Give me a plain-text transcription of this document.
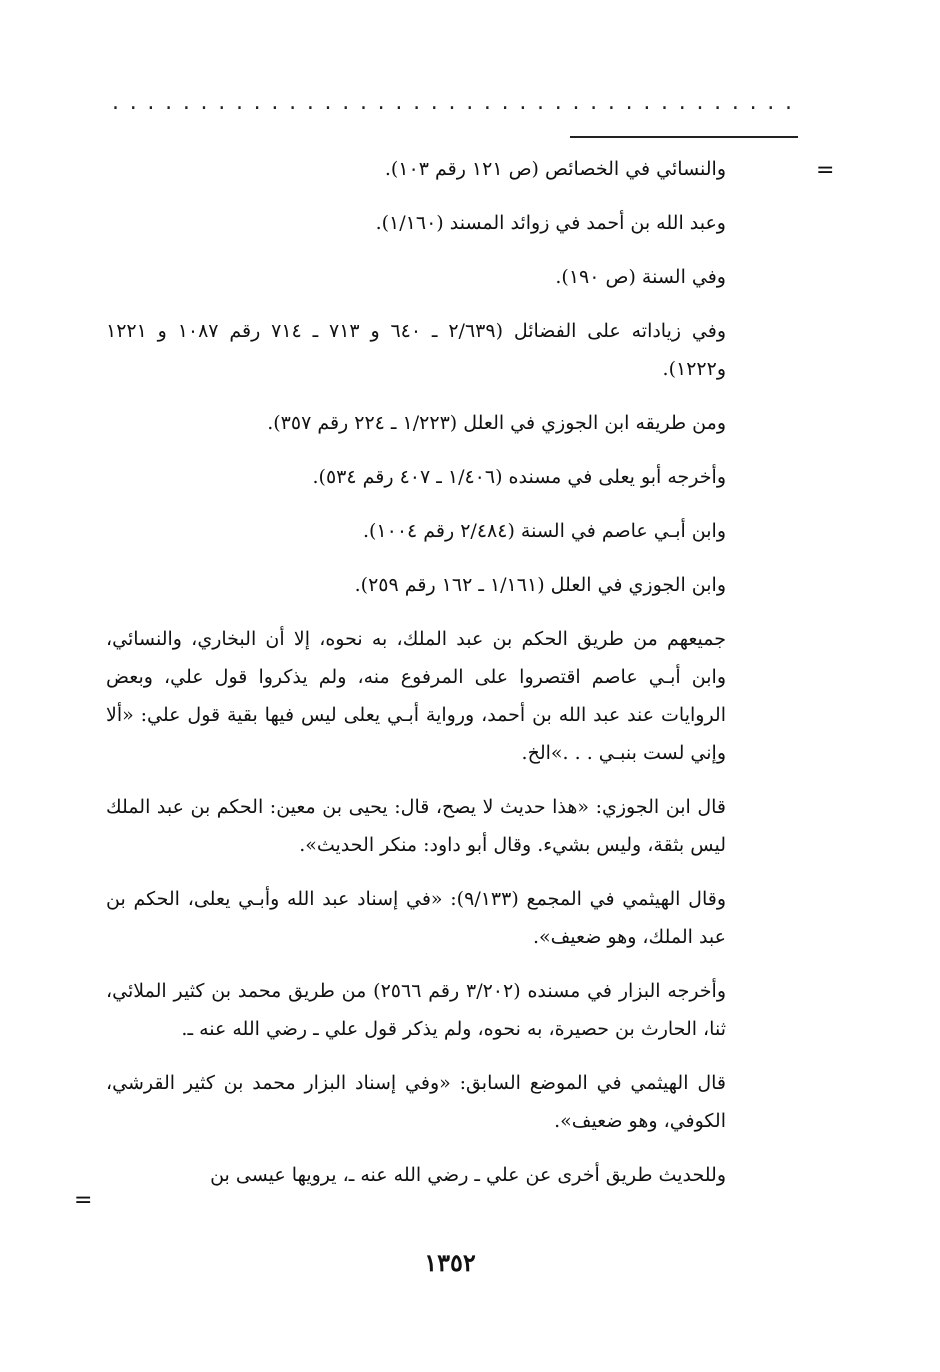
. . . . . . . . . . . . . . . . . . . . . . . . . . . . . . . . . . . . . . .
=

والنسائي في الخصائص (ص ١٢١ رقم ١٠٣).

وعبد الله بن أحمد في زوائد المسند (١/١٦٠).

وفي السنة (ص ١٩٠).

وفي زياداته على الفضائل (٢/٦٣٩ ـ ٦٤٠ و ٧١٣ ـ ٧١٤ رقم ١٠٨٧ و ١٢٢١ و١٢٢٢).

ومن طريقه ابن الجوزي في العلل (١/٢٢٣ ـ ٢٢٤ رقم ٣٥٧).

وأخرجه أبو يعلى في مسنده (١/٤٠٦ ـ ٤٠٧ رقم ٥٣٤).

وابن أبـي عاصم في السنة (٢/٤٨٤ رقم ١٠٠٤).

وابن الجوزي في العلل (١/١٦١ ـ ١٦٢ رقم ٢٥٩).

جميعهم من طريق الحكم بن عبد الملك، به نحوه، إلا أن البخاري، والنسائي، وابن أبـي عاصم اقتصروا على المرفوع منه، ولم يذكروا قول علي، وبعض الروايات عند عبد الله بن أحمد، ورواية أبـي يعلى ليس فيها بقية قول علي: «ألا وإني لست بنبـي . . .»الخ.

قال ابن الجوزي: «هذا حديث لا يصح، قال: يحيى بن معين: الحكم بن عبد الملك ليس بثقة، وليس بشيء. وقال أبو داود: منكر الحديث».

وقال الهيثمي في المجمع (٩/١٣٣): «في إسناد عبد الله وأبـي يعلى، الحكم بن عبد الملك، وهو ضعيف».

وأخرجه البزار في مسنده (٣/٢٠٢ رقم ٢٥٦٦) من طريق محمد بن كثير الملائي، ثنا، الحارث بن حصيرة، به نحوه، ولم يذكر قول علي ـ رضي الله عنه ـ.

قال الهيثمي في الموضع السابق: «وفي إسناد البزار محمد بن كثير القرشي، الكوفي، وهو ضعيف».

وللحديث طريق أخرى عن علي ـ رضي الله عنه ـ، يرويها عيسى بن

=
١٣٥٢
